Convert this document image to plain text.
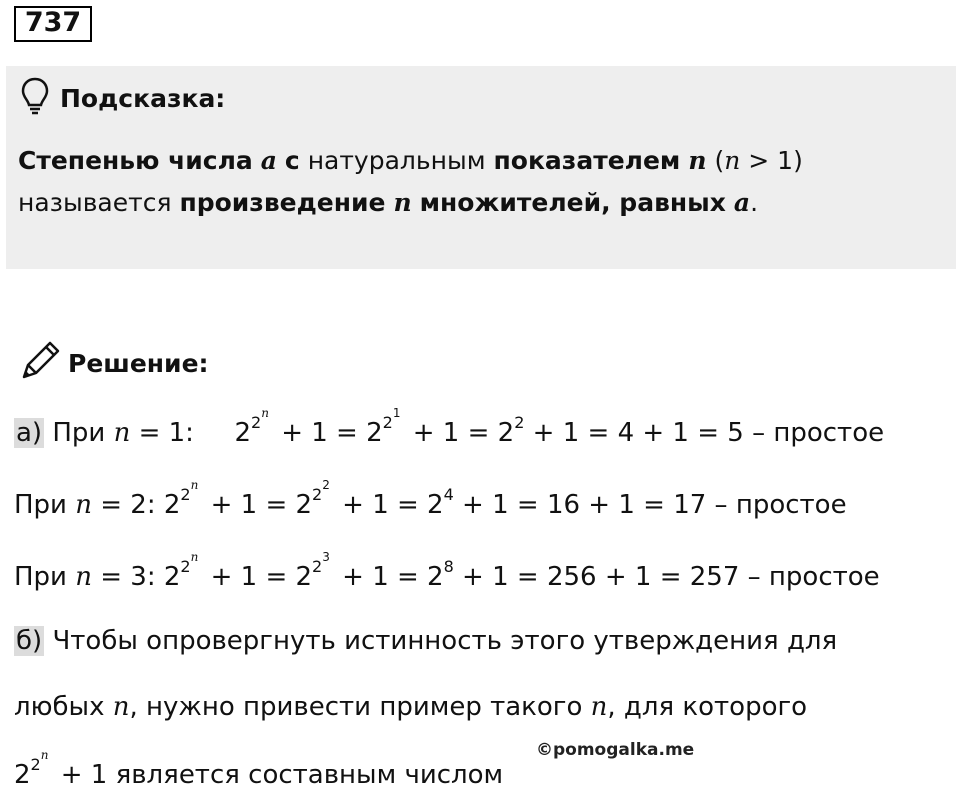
737
Подсказка:
Степенью числа a с натуральным показателем n (n > 1)
называется произведение n множителей, равных a.
Решение:
а) При n = 1: $2^{2n} + 1 = 2^{21} + 1 = 2^2 + 1 = 4 + 1 = 5$ – простое
При n = 2: $2^{2n} + 1 = 2^{22} + 1 = 2^4 + 1 = 16 + 1 = 17$ – простое
При n = 3: $2^{2n} + 1 = 2^{23} + 1 = 2^8 + 1 = 256 + 1 = 257$ – простое
б) Чтобы опровергнуть истинность этого утверждения для
любых n, нужно привести пример такого n, для которого
$2^{2n} + 1$ является составным числом
©pomogalka.me
